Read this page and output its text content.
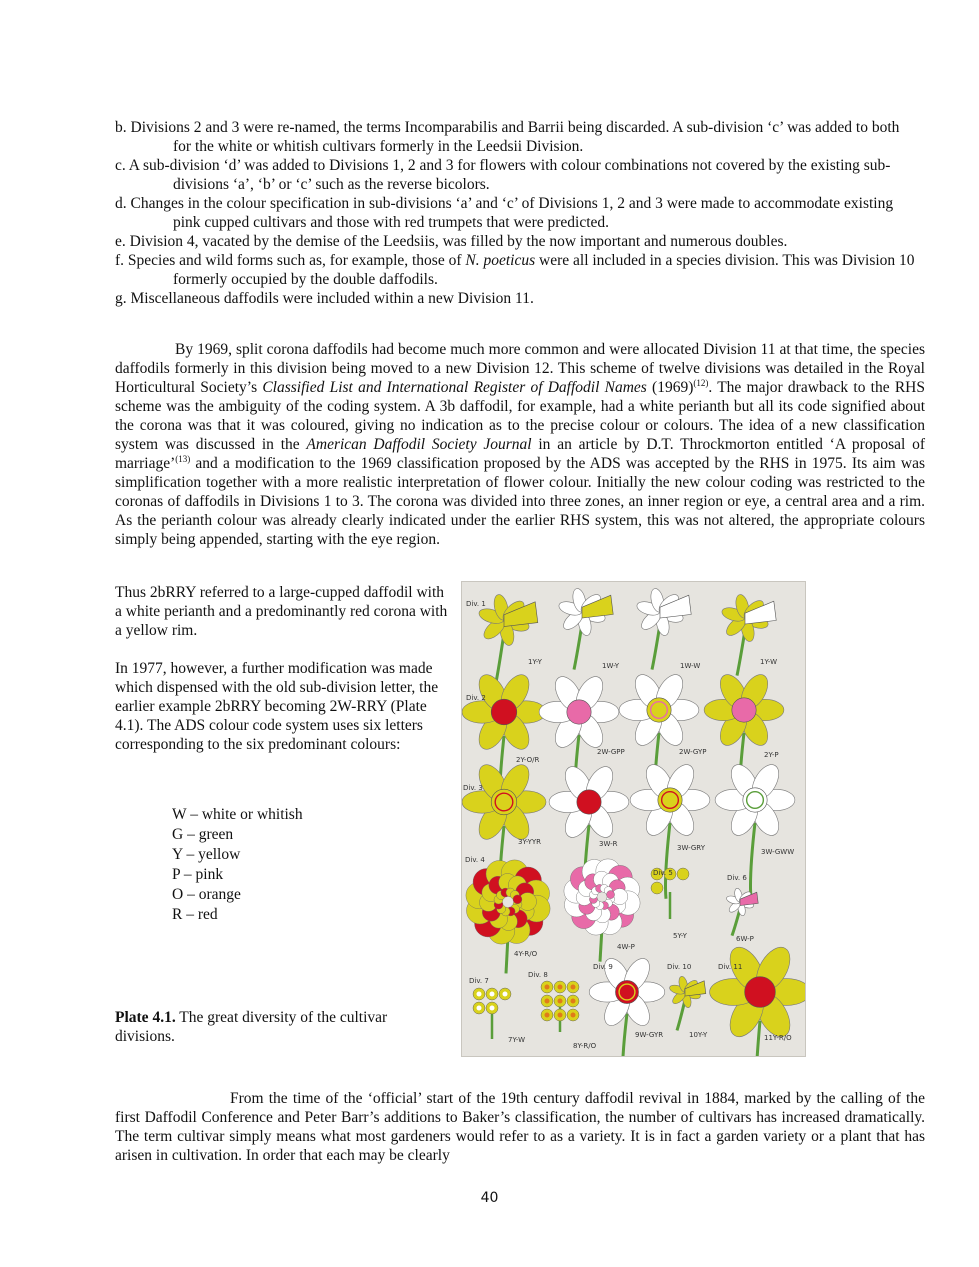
b. Divisions 2 and 3 were re-named, the terms Incomparabilis and Barrii being discarded. A sub-division ‘c’ was added to both for the white or whitish cultivars formerly in the Leedsii Division.

c. A sub-division ‘d’ was added to Divisions 1, 2 and 3 for flowers with colour combinations not covered by the existing sub-divisions ‘a’, ‘b’ or ‘c’ such as the reverse bicolors.

d. Changes in the colour specification in sub-divisions ‘a’ and ‘c’ of Divisions 1, 2 and 3 were made to accommodate existing pink cupped cultivars and those with red trumpets that were predicted.

e. Division 4, vacated by the demise of the Leedsiis, was filled by the now important and numerous doubles.

f. Species and wild forms such as, for example, those of N. poeticus were all included in a species division. This was Division 10 formerly occupied by the double daffodils.

g. Miscellaneous daffodils were included within a new Division 11.

By 1969, split corona daffodils had become much more common and were allocated Division 11 at that time, the species daffodils formerly in this division being moved to a new Division 12. This scheme of twelve divisions was detailed in the Royal Horticultural Society’s Classified List and International Register of Daffodil Names $(1969)^{(12)}$. The major drawback to the RHS scheme was the ambiguity of the coding system. A 3b daffodil, for example, had a white perianth but all its code signified about the corona was that it was coloured, giving no indication as to the precise colour or colours. The idea of a new classification system was discussed in the American Daffodil Society Journal in an article by D.T. Throckmorton entitled ‘A proposal of marriage’$^{(13)}$ and a modification to the 1969 classification proposed by the ADS was accepted by the RHS in 1975. Its aim was simplification together with a more realistic interpretation of flower colour. Initially the new colour coding was restricted to the coronas of daffodils in Divisions 1 to 3. The corona was divided into three zones, an inner region or eye, a central area and a rim. As the perianth colour was already clearly indicated under the earlier RHS system, this was not altered, the appropriate colours simply being appended, starting with the eye region.

Thus 2bRRY referred to a large-cupped daffodil with a white perianth and a predominantly red corona with a yellow rim.

In 1977, however, a further modification was made which dispensed with the old sub-division letter, the earlier example 2bRRY becoming 2W-RRY (Plate 4.1). The ADS colour code system uses six letters corresponding to the six predominant colours:

W – white or whitish
G – green
Y – yellow
P – pink
O – orange
R – red
Plate 4.1. The great diversity of the cultivar divisions.
Div. 1
Div. 2
Div. 3
Div. 4
Div. 5
Div. 6
Div. 7
Div. 8
Div. 9	Div. 10	Div. 11
1Y-Y	1W-Y	1W-W	1Y-W
2Y-O/R
2W-GPP	2W-GYP	2Y-P
3Y-YYR	3W-R	3W-GRY	3W-GWW
4Y-R/O
4W-P
5Y-Y	6W-P
7Y-W
8Y-R/O
9W-GYR	10Y-Y	11Y-R/O

From the time of the ‘official’ start of the 19th century daffodil revival in 1884, marked by the calling of the first Daffodil Conference and Peter Barr’s additions to Baker’s classification, the number of cultivars has increased dramatically. The term cultivar simply means what most gardeners would refer to as a variety. It is in fact a garden variety or a plant that has arisen in cultivation. In order that each may be clearly

40
